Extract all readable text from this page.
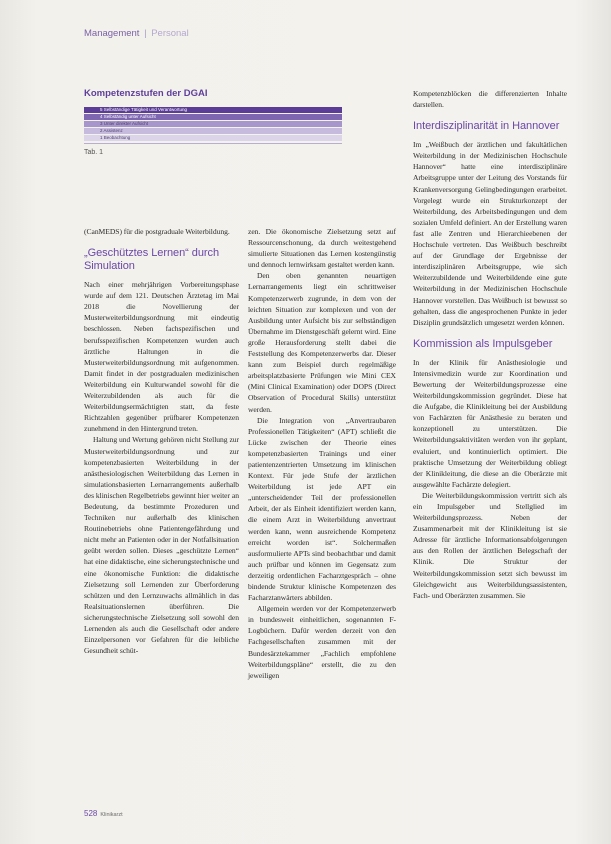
Management | Personal
Kompetenzstufen der DGAI
5 Selbständige Tätigkeit und Verantwortung
4 Selbständig unter Aufsicht
3 Unter direkter Aufsicht
2 Assistenz
1 Beobachtung
Tab. 1

(CanMEDS) für die postgraduale Weiterbildung.

„Geschütztes Lernen“ durch Simulation

Nach einer mehrjährigen Vorbereitungsphase wurde auf dem 121. Deutschen Ärztetag im Mai 2018 die Novellierung der Musterweiterbildungsordnung mit eindeutig beschlossen. Neben fachspezifischen und berufsspezifischen Kompetenzen wurden auch ärztliche Haltungen in die Musterweiterbildungsordnung mit aufgenommen. Damit findet in der postgradualen medizinischen Weiterbildung ein Kulturwandel sowohl für die Weiterzubildenden als auch für die Weiterbildungsermächtigten statt, da feste Richtzahlen gegenüber prüfbarer Kompetenzen zunehmend in den Hintergrund treten.

Haltung und Wertung gehören nicht Stellung zur Musterweiterbildungsordnung und zur kompetenzbasierten Weiterbildung in der anästhesiologischen Weiterbildung das Lernen in simulationsbasierten Lernarrangements außerhalb des klinischen Regelbetriebs gewinnt hier weiter an Bedeutung, da bestimmte Prozeduren und Techniken nur außerhalb des klinischen Routinebetriebs ohne Patientengefährdung und nicht mehr an Patienten oder in der Notfallsituation geübt werden sollen. Dieses „geschützte Lernen“ hat eine didaktische, eine sicherungstechnische und eine ökonomische Funktion: die didaktische Zielsetzung soll Lernenden zur Überforderung schützen und den Lernzuwachs allmählich in das Realsituationslernen überführen. Die sicherungstechnische Zielsetzung soll sowohl den Lernenden als auch die Gesellschaft oder andere Einzelpersonen vor Gefahren für die leibliche Gesundheit schüt-

zen. Die ökonomische Zielsetzung setzt auf Ressourcenschonung, da durch weitestgehend simulierte Situationen das Lernen kostengünstig und dennoch lernwirksam gestaltet werden kann.

Den oben genannten neuartigen Lernarrangements liegt ein schrittweiser Kompetenzerwerb zugrunde, in dem von der leichten Situation zur komplexen und von der Ausbildung unter Aufsicht bis zur selbständigen Übernahme im Dienstgeschäft gelernt wird. Eine große Herausforderung stellt dabei die Feststellung des Kompetenzerwerbs dar. Dieser kann zum Beispiel durch regelmäßige arbeitsplatzbasierte Prüfungen wie Mini CEX (Mini Clinical Examination) oder DOPS (Direct Observation of Procedural Skills) unterstützt werden.

Die Integration von „Anvertraubaren Professionellen Tätigkeiten“ (APT) schließt die Lücke zwischen der Theorie eines kompetenzbasierten Trainings und einer patientenzentrierten Umsetzung im klinischen Kontext. Für jede Stufe der ärztlichen Weiterbildung ist jede APT ein „unterscheidender Teil der professionellen Arbeit, der als Einheit identifiziert werden kann, die einem Arzt in Weiterbildung anvertraut werden kann, wenn ausreichende Kompetenz erreicht worden ist“. Solchermaßen ausformulierte APTs sind beobachtbar und damit auch prüfbar und können im Gegensatz zum derzeitig ordentlichen Facharztgespräch – ohne bindende Struktur klinische Kompetenzen des Facharztanwärters abbilden.

Allgemein werden vor der Kompetenzerwerb in bundesweit einheitlichen, sogenannten F-Logbüchern. Dafür werden derzeit von den Fachgesellschaften zusammen mit der Bundesärztekammer „Fachlich empfohlene Weiterbildungspläne“ erstellt, die zu den jeweiligen

Kompetenzblöcken die differenzierten Inhalte darstellen.

Interdisziplinarität in Hannover

Im „Weißbuch der ärztlichen und fakultätlichen Weiterbildung in der Medizinischen Hochschule Hannover“ hatte eine interdisziplinäre Arbeitsgruppe unter der Leitung des Vorstands für Krankenversorgung Gelingbedingungen erarbeitet. Vorgelegt wurde ein Strukturkonzept der Weiterbildung, des Arbeitsbedingungen und dem sozialen Umfeld definiert. An der Erstellung waren fast alle Zentren und Hierarchieebenen der Hochschule vertreten. Das Weißbuch beschreibt auf der Grundlage der Ergebnisse der interdisziplinären Arbeitsgruppe, wie sich Weiterzubildende und Weiterbildende eine gute Weiterbildung in der Medizinischen Hochschule Hannover vorstellen. Das Weißbuch ist bewusst so gehalten, dass die angesprochenen Punkte in jeder Disziplin grundsätzlich umgesetzt werden können.

Kommission als Impulsgeber

In der Klinik für Anästhesiologie und Intensivmedizin wurde zur Koordination und Bewertung der Weiterbildungsprozesse eine Weiterbildungskommission gegründet. Diese hat die Aufgabe, die Klinikleitung bei der Ausbildung von Fachärzten für Anästhesie zu beraten und konzeptionell zu unterstützen. Die Weiterbildungsaktivitäten werden von ihr geplant, evaluiert, und kontinuierlich optimiert. Die praktische Umsetzung der Weiterbildung obliegt der Klinikleitung, die diese an die Oberärzte mit ausgewählte Fachärzte delegiert.

Die Weiterbildungskommission vertritt sich als ein Impulsgeber und Stellglied im Weiterbildungsprozess. Neben der Zusammenarbeit mit der Klinikleitung ist sie Adresse für ärztliche Informationsabfolgerungen aus den Rollen der ärztlichen Belegschaft der Klinik. Die Struktur der Weiterbildungskommission setzt sich bewusst im Gleichgewicht aus Weiterbildungsassistenten, Fach- und Oberärzten zusammen. Sie

528 Klinikarzt
